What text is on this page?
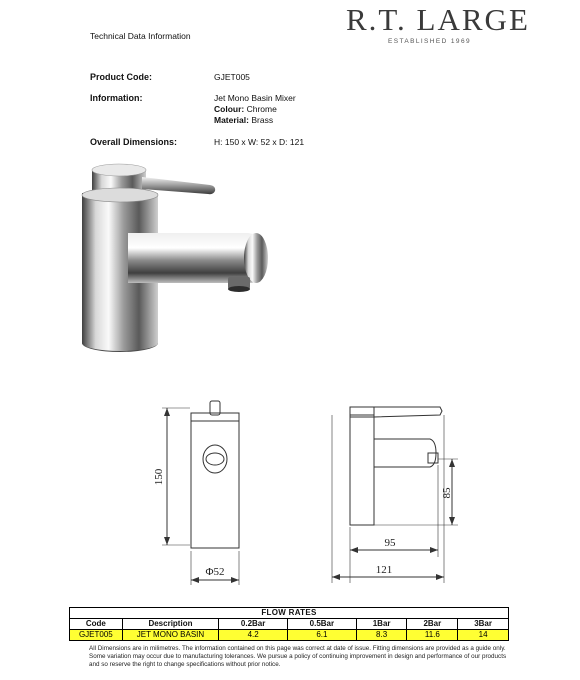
R.T. LARGE
ESTABLISHED 1969
Technical Data Information
Product Code:	GJET005
Information:	Jet Mono Basin Mixer
Colour: Chrome
Material: Brass
Overall Dimensions:	H: 150 x W: 52 x D: 121
150
Φ52
85
95
121
FLOW RATES						
Code	Description	0.2Bar	0.5Bar	1Bar	2Bar	3Bar
GJET005	JET MONO BASIN	4.2	6.1	8.3	11.6	14
All Dimensions are in milimetres. The information contained on this page was correct at date of issue. Fitting dimensions are provided as a guide only. Some variation may occur due to manufacturing tolerances. We pursue a policy of continuing improvement in design and performance of our products and so reserve the right to change specifications without prior notice.
